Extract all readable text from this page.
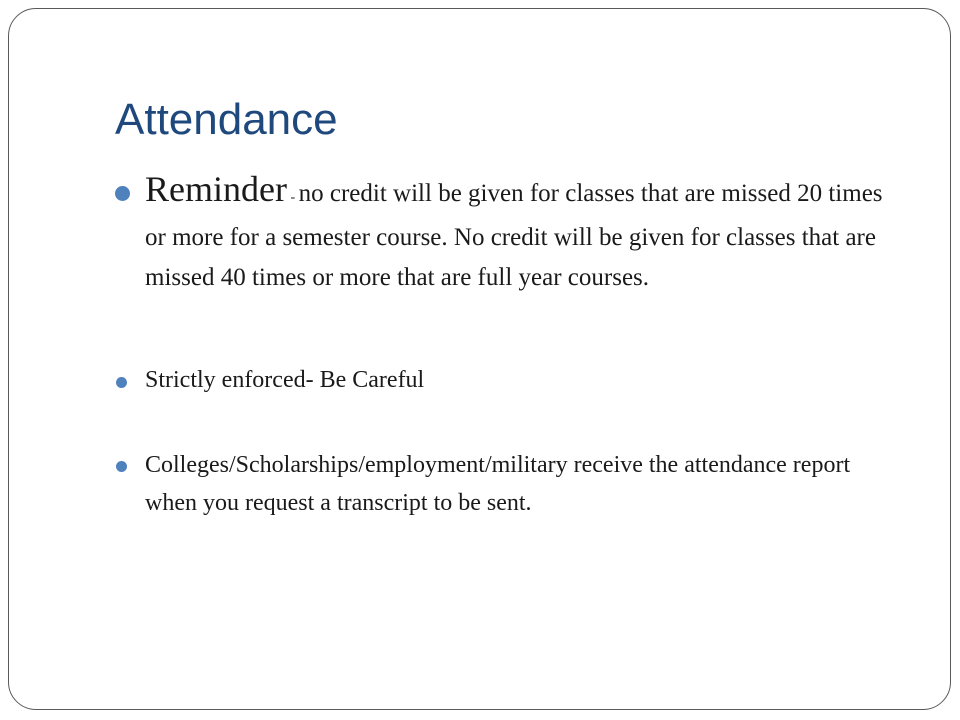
Attendance
Reminder - no credit will be given for classes that are missed 20 times or more for a semester course. No credit will be given for classes that are missed 40 times or more that are full year courses.
Strictly enforced- Be Careful
Colleges/Scholarships/employment/military receive the attendance report when you request a transcript to be sent.
